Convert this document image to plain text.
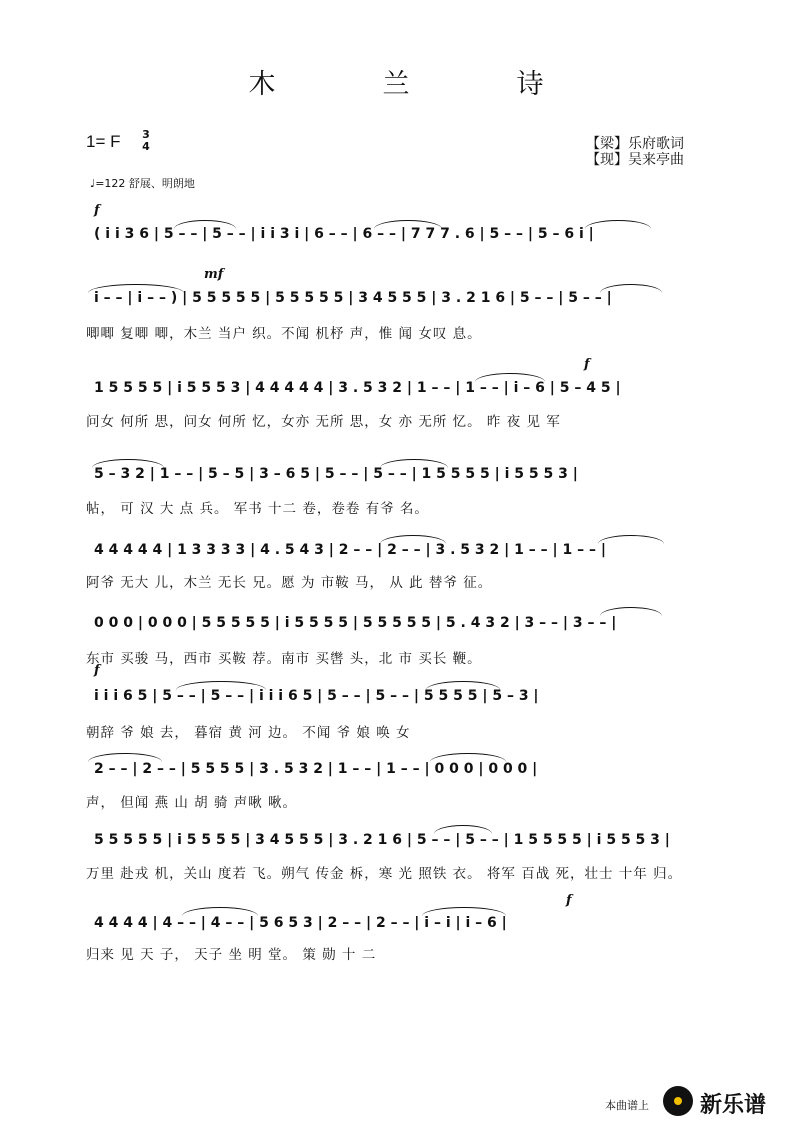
木　兰　诗
1= F 3
4	【梁】乐府歌词
【现】吴来亭曲
♩=122 舒展、明朗地
f
mf
f
f
f
( i i 3 6 | 5 – – | 5 – – | i i 3 i | 6 – – | 6 – – | 7 7 7 . 6 | 5 – – | 5 – 6 i |
i – – | i – – ) | 5 5 5 5 5 | 5 5 5 5 5 | 3 4 5 5 5 | 3 . 2 1 6 | 5 – – | 5 – – |
唧唧 复唧 唧，木兰 当户 织。不闻 机杼 声，惟 闻 女叹 息。
1 5 5 5 5 | i 5 5 5 3 | 4 4 4 4 4 | 3 . 5 3 2 | 1 – – | 1 – – | i – 6 | 5 – 4 5 |
问女 何所 思，问女 何所 忆，女亦 无所 思，女 亦 无所 忆。 昨 夜 见 军
5 – 3 2 | 1 – – | 5 – 5 | 3 – 6 5 | 5 – – | 5 – – | 1 5 5 5 5 | i 5 5 5 3 |
帖， 可 汉 大 点 兵。 军书 十二 卷，卷卷 有爷 名。
4 4 4 4 4 | 1 3 3 3 3 | 4 . 5 4 3 | 2 – – | 2 – – | 3 . 5 3 2 | 1 – – | 1 – – |
阿爷 无大 儿，木兰 无长 兄。愿 为 市鞍 马， 从 此 替爷 征。
0 0 0 | 0 0 0 | 5 5 5 5 5 | i 5 5 5 5 | 5 5 5 5 5 | 5 . 4 3 2 | 3 – – | 3 – – |
东市 买骏 马，西市 买鞍 荐。南市 买辔 头，北 市 买长 鞭。
i i i 6 5 | 5 – – | 5 – – | i i i 6 5 | 5 – – | 5 – – | 5 5 5 5 | 5 – 3 |
朝辞 爷 娘 去， 暮宿 黄 河 边。 不闻 爷 娘 唤 女
2 – – | 2 – – | 5 5 5 5 | 3 . 5 3 2 | 1 – – | 1 – – | 0 0 0 | 0 0 0 |
声， 但闻 燕 山 胡 骑 声啾 啾。
5 5 5 5 5 | i 5 5 5 5 | 3 4 5 5 5 | 3 . 2 1 6 | 5 – – | 5 – – | 1 5 5 5 5 | i 5 5 5 3 |
万里 赴戎 机，关山 度若 飞。朔气 传金 柝，寒 光 照铁 衣。 将军 百战 死，壮士 十年 归。
4 4 4 4 | 4 – – | 4 – – | 5 6 5 3 | 2 – – | 2 – – | i – i | i – 6 |
归来 见 天 子， 天子 坐 明 堂。 策 勋 十 二
本曲谱上 新乐谱
